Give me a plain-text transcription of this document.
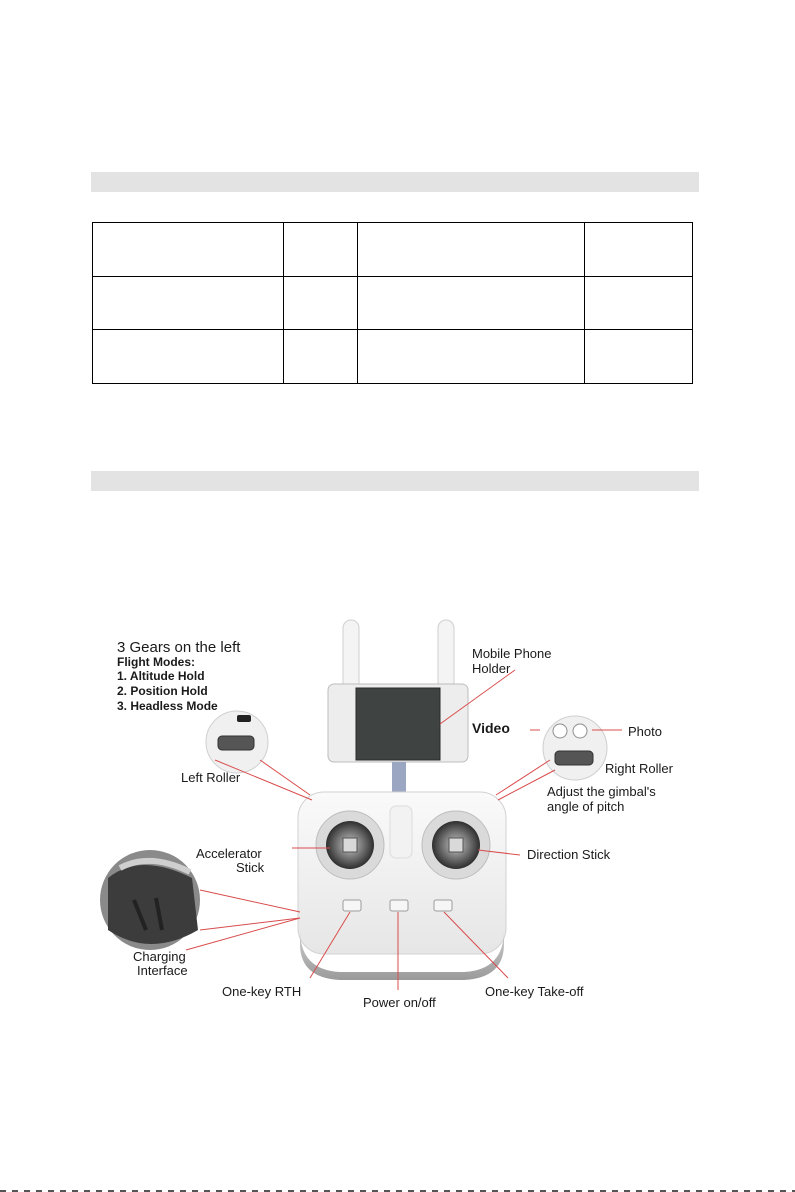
3 Gears on the left
Flight Modes:
1. Altitude Hold
2. Position Hold
3. Headless Mode
Left Roller
Mobile Phone
Holder
Video	Photo
Right Roller
Adjust the gimbal's
angle of pitch
Accelerator
Stick
Direction Stick
Charging
Interface
One-key RTH
Power on/off
One-key Take-off
